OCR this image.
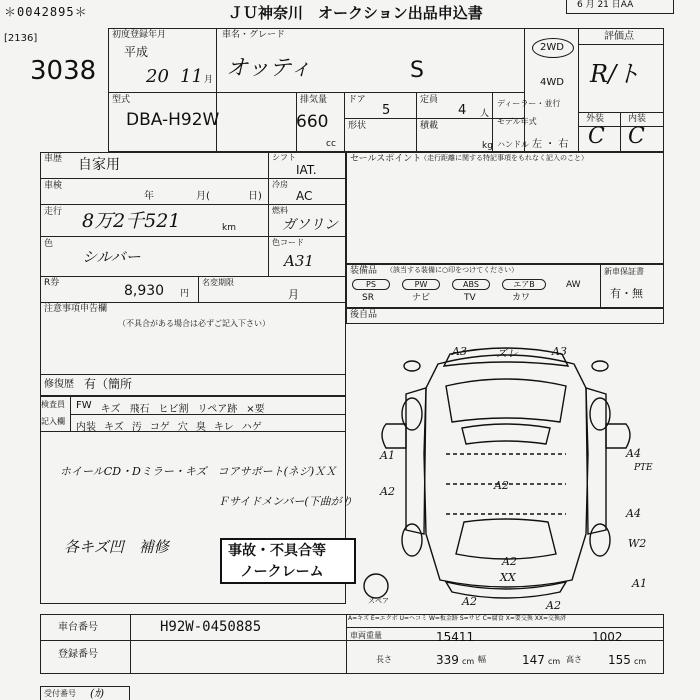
＊0042895＊	ＪＵ神奈川　オークション出品申込書	6 月 21 日AA
[2136]
3038
初度登録年月
平成
20 11 月
車名・グレード
オッティ	S
2WD
4WD
評価点
R/ト
外装	内装
C C
型式
DBA-H92W
排気量
660
cc
ドア
5
定員
4 人
形状	積載
kg
ディーラー・並行
モデル年式
ハンドル 左 ・ 右
車歴 自家用	シフト
IAT.
車検
年	月(	日)
冷房
AC
走行 8万2千521	km
燃料
ガソリン
色
シルバー
色コード
A31
R券	8,930 円
名変期限
月
注意事項申告欄
（不具合がある場合は必ずご記入下さい）
修復歴 有（簡所
セールスポイント
（走行距離に関する特記事項をもれなく記入のこと）
装備品 （該当する装備に○印をつけてください）
PS	PW	ABS	エアB	AW
SR	ナビ	TV	カワ
新車保証書
有・無
後自品
検査員
記入欄
FW キズ 飛石 ヒビ割 リペア跡 ×要
内装 キズ 汚 コゲ 穴 臭 キレ ハゲ
ホイールCD・Dミラー・キズ　コアサポート(ネジ)ＸＸ
Ｆサイドメンバー(下曲がり
各キズ凹　補修	事故・不具合等
ノークレーム
A3	ズレ	A3
A1
A2
A4
PTE
A4
W2
A1
A2
A2
XX
A2	A2
スペア
A=キズ E=エクボ U=ヘコミ W=板金跡 S=サビ C=腐食 X=要交換 XX=交換済
車台番号	H92W-0450885
登録番号
車両重量	15411	1002
長さ	339 cm 幅	147 cm 高さ 155 cm
受付番号 (ｶ)
